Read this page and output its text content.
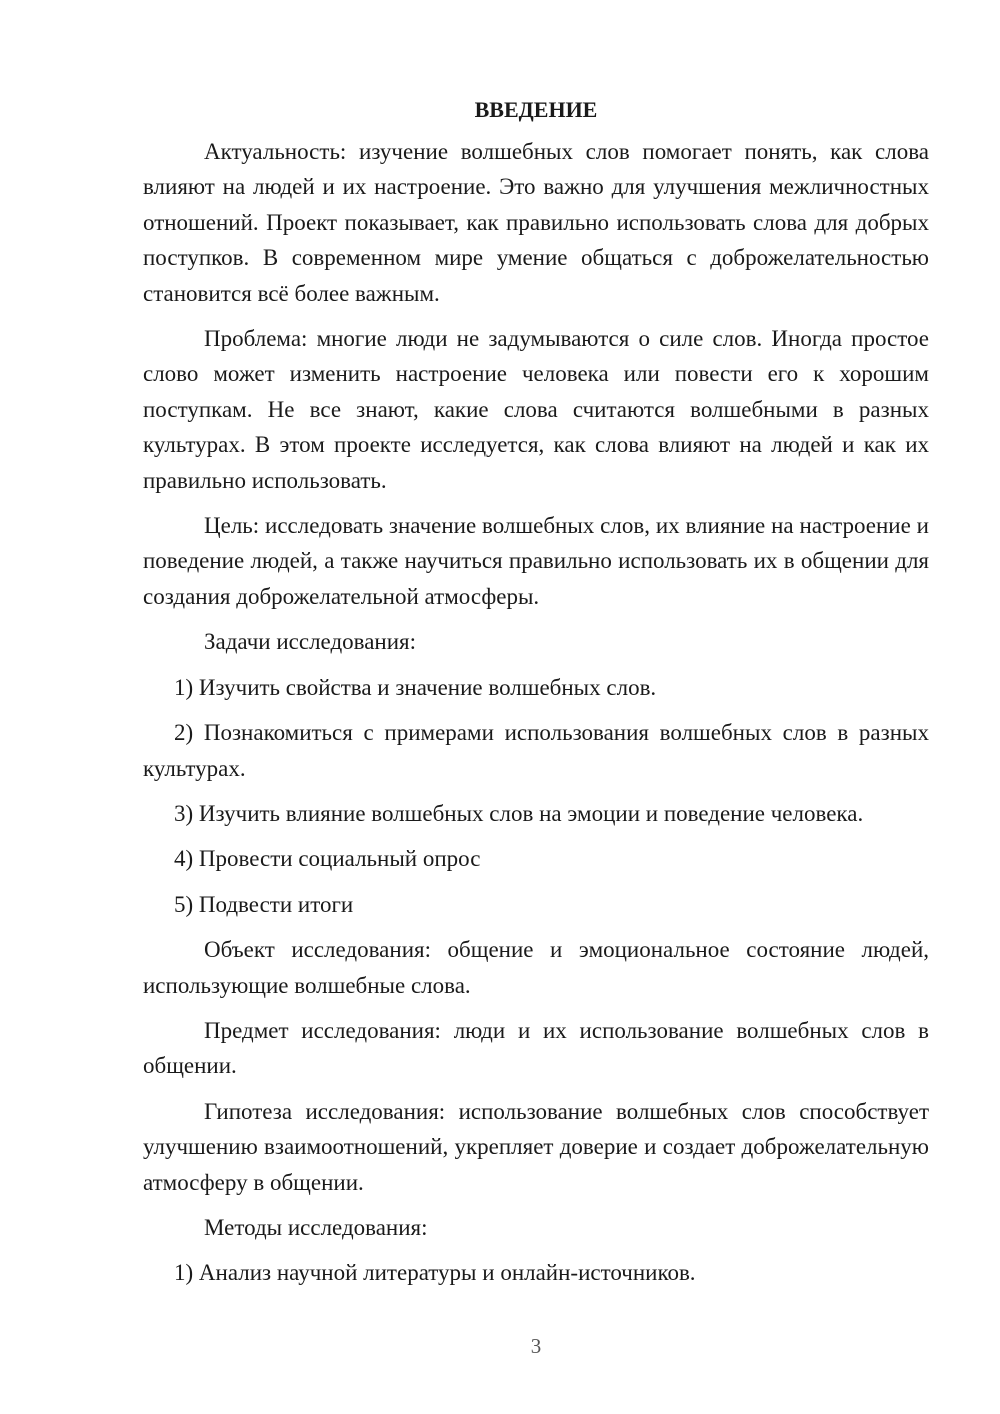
ВВЕДЕНИЕ

Актуальность: изучение волшебных слов помогает понять, как слова влияют на людей и их настроение. Это важно для улучшения межличностных отношений. Проект показывает, как правильно использовать слова для добрых поступков. В современном мире умение общаться с доброжелательностью становится всё более важным.

Проблема: многие люди не задумываются о силе слов. Иногда простое слово может изменить настроение человека или повести его к хорошим поступкам. Не все знают, какие слова считаются волшебными в разных культурах. В этом проекте исследуется, как слова влияют на людей и как их правильно использовать.

Цель: исследовать значение волшебных слов, их влияние на настроение и поведение людей, а также научиться правильно использовать их в общении для создания доброжелательной атмосферы.

Задачи исследования:

1) Изучить свойства и значение волшебных слов.

2) Познакомиться с примерами использования волшебных слов в разных культурах.

3) Изучить влияние волшебных слов на эмоции и поведение человека.

4) Провести социальный опрос

5) Подвести итоги

Объект исследования: общение и эмоциональное состояние людей, использующие волшебные слова.

Предмет исследования: люди и их использование волшебных слов в общении.

Гипотеза исследования: использование волшебных слов способствует улучшению взаимоотношений, укрепляет доверие и создает доброжелательную атмосферу в общении.

Методы исследования:

1) Анализ научной литературы и онлайн-источников.

3
